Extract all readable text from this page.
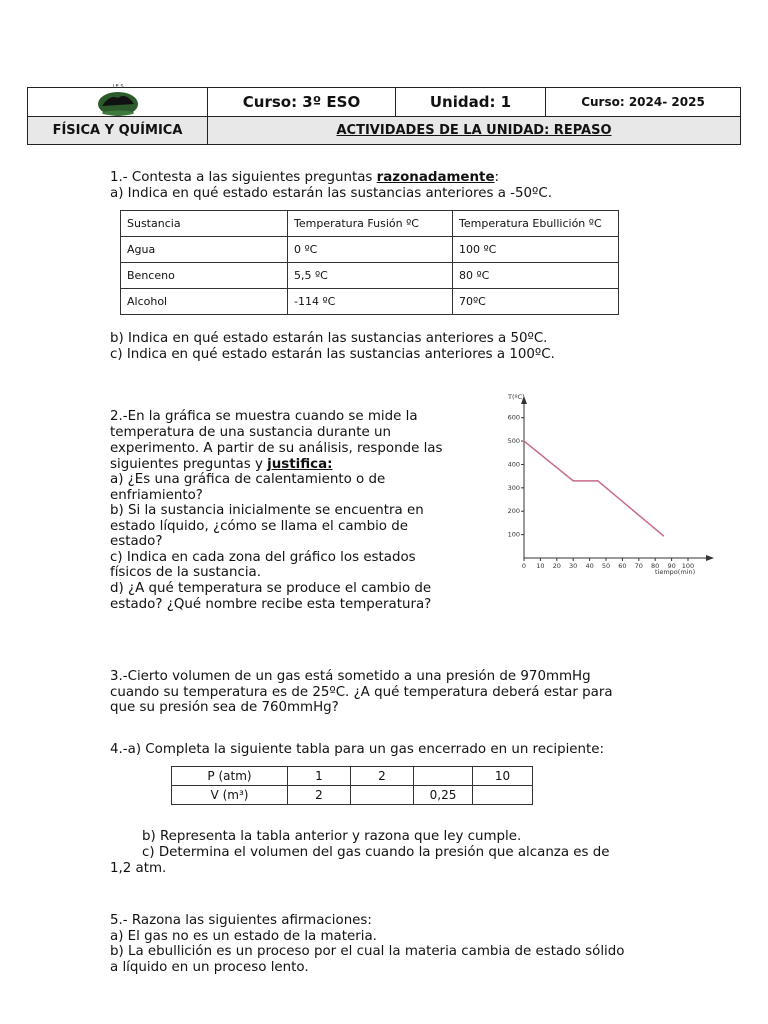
	Curso: 3º ESO	Unidad: 1	Curso: 2024- 2025
FÍSICA Y QUÍMICA	ACTIVIDADES DE LA UNIDAD: REPASO		
I E S
1.- Contesta a las siguientes preguntas razonadamente:
a) Indica en qué estado estarán las sustancias anteriores a -50ºC.
Sustancia	Temperatura Fusión ºC	Temperatura Ebullición ºC
Agua	0 ºC	100 ºC
Benceno	5,5 ºC	80 ºC
Alcohol	-114 ºC	70ºC
b) Indica en qué estado estarán las sustancias anteriores a 50ºC.
c) Indica en qué estado estarán las sustancias anteriores a 100ºC.
2.-En la gráfica se muestra cuando se mide la
temperatura de una sustancia durante un
experimento. A partir de su análisis, responde las
siguientes preguntas y justifica:
a) ¿Es una gráfica de calentamiento o de
enfriamiento?
b) Si la sustancia inicialmente se encuentra en
estado líquido, ¿cómo se llama el cambio de
estado?
c) Indica en cada zona del gráfico los estados
físicos de la sustancia.
d) ¿A qué temperatura se produce el cambio de
estado? ¿Qué nombre recibe esta temperatura?
T(ºC)
tiempo(min)
0 10 20 30 40 50 60 70 80 90 100
100
200
300
400
500
600
3.-Cierto volumen de un gas está sometido a una presión de 970mmHg
cuando su temperatura es de 25ºC. ¿A qué temperatura deberá estar para
que su presión sea de 760mmHg?
4.-a) Completa la siguiente tabla para un gas encerrado en un recipiente:
P (atm)	1	2		10
V (m³)	2		0,25	
b) Representa la tabla anterior y razona que ley cumple.
c) Determina el volumen del gas cuando la presión que alcanza es de
1,2 atm.
5.- Razona las siguientes afirmaciones:
a) El gas no es un estado de la materia.
b) La ebullición es un proceso por el cual la materia cambia de estado sólido
a líquido en un proceso lento.
